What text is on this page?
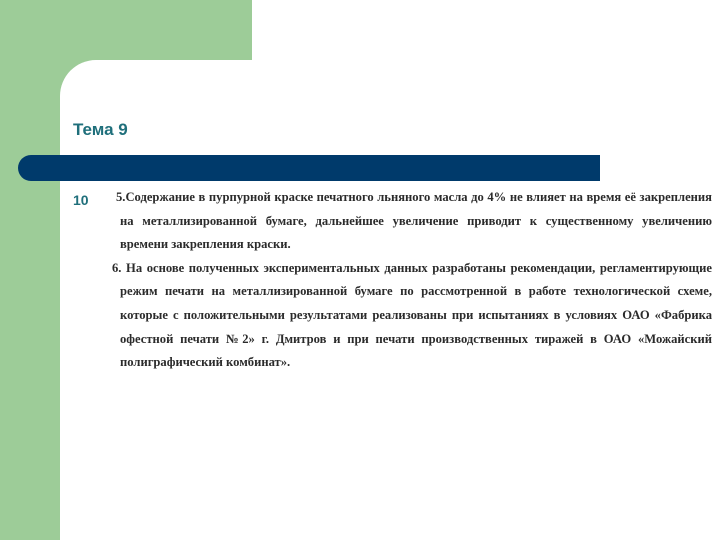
Тема 9
10	5.Содержание в пурпурной краске печатного льняного масла до 4% не влияет на время её закрепления на металлизированной бумаге, дальнейшее увеличение приводит к существенному увеличению времени закрепления краски.

6. На основе полученных экспериментальных данных разработаны рекомендации, регламентирующие режим печати на металлизированной бумаге по рассмотренной в работе технологической схеме, которые с положительными результатами реализованы при испытаниях в условиях ОАО «Фабрика офестной печати №2» г. Дмитров и при печати производственных тиражей в ОАО «Можайский полиграфический комбинат».
